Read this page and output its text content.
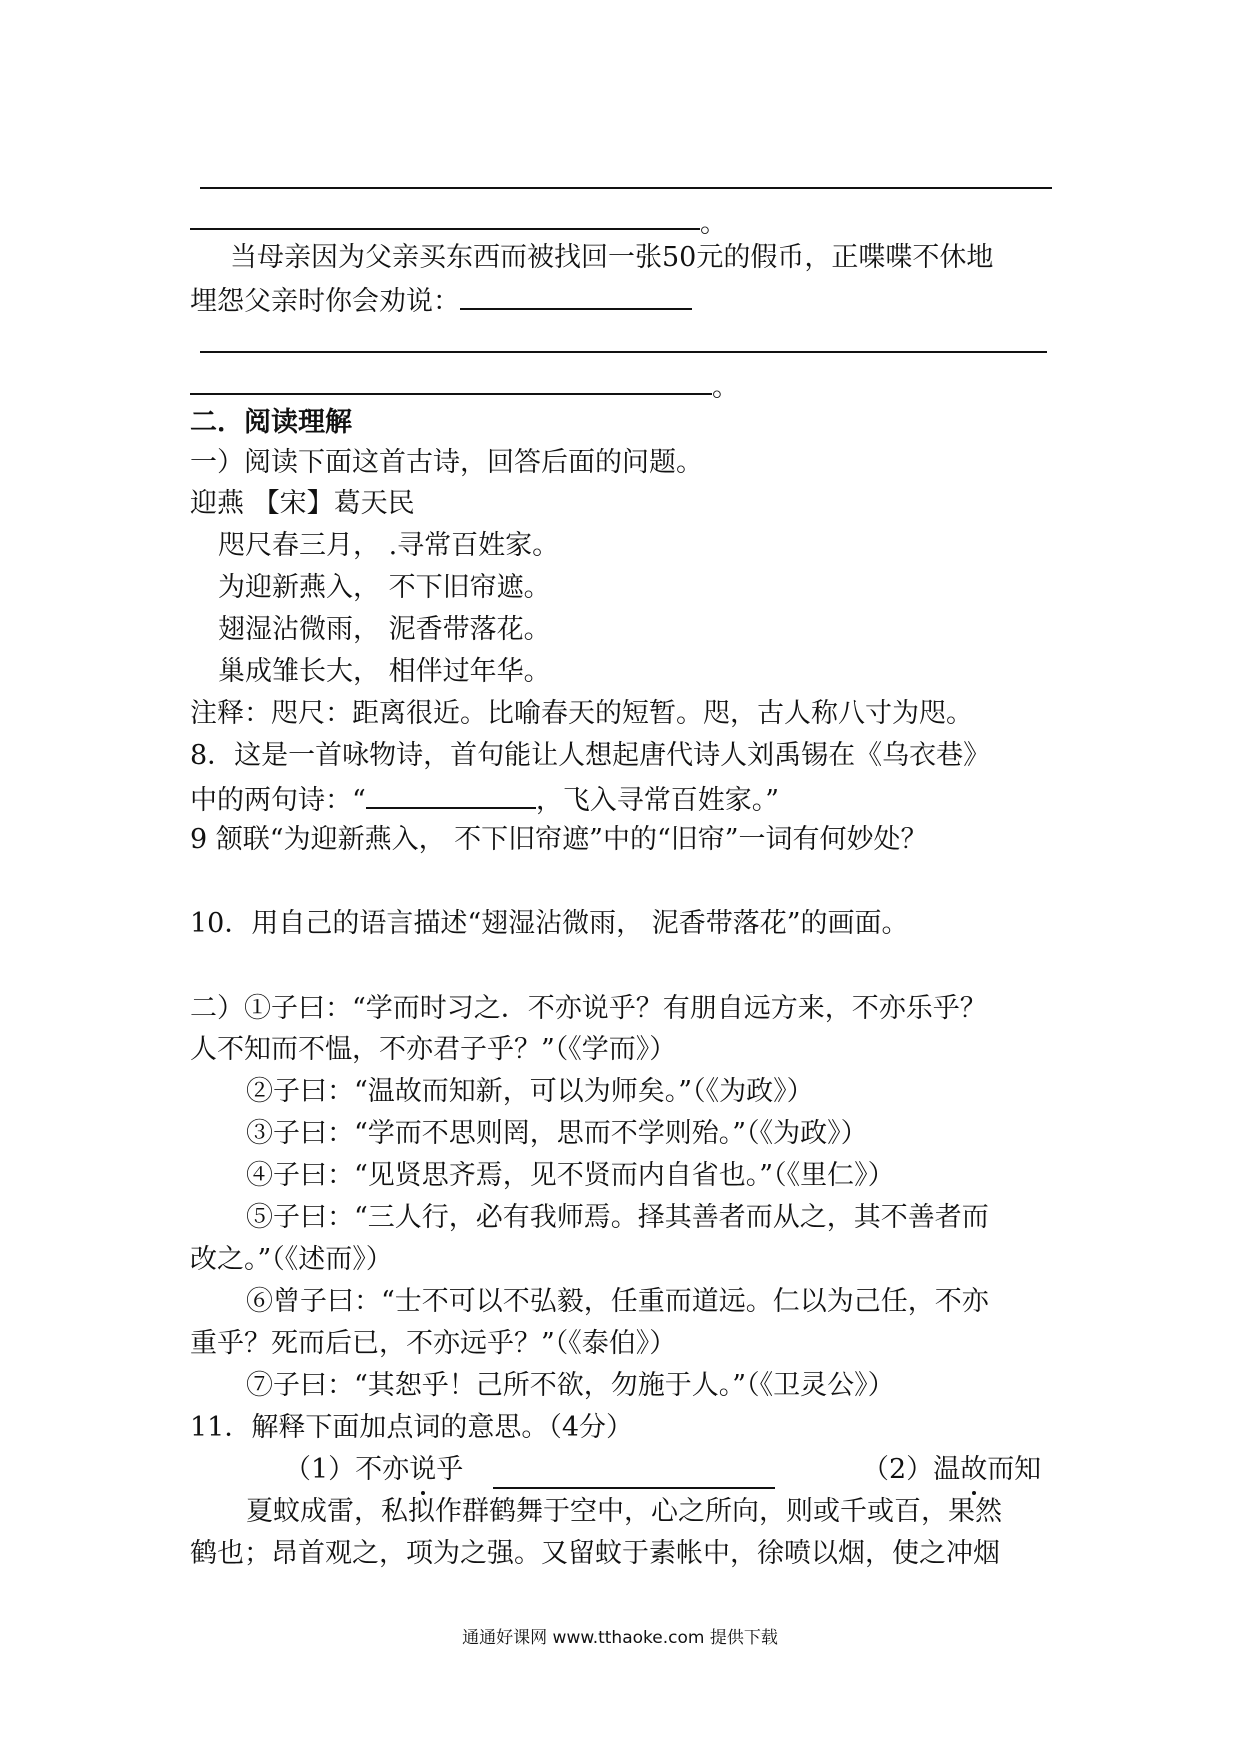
。
当母亲因为父亲买东西而被找回一张50元的假币，正喋喋不休地
埋怨父亲时你会劝说：
。
二．阅读理解
一）阅读下面这首古诗，回答后面的问题。
迎燕 【宋】葛天民
咫尺春三月， .寻常百姓家。
为迎新燕入， 不下旧帘遮。
翅湿沾微雨， 泥香带落花。
巢成雏长大， 相伴过年华。
注释：咫尺：距离很近。比喻春天的短暂。咫，古人称八寸为咫。
8．这是一首咏物诗，首句能让人想起唐代诗人刘禹锡在《乌衣巷》
中的两句诗：“	，飞入寻常百姓家。”
9 颔联“为迎新燕入， 不下旧帘遮”中的“旧帘”一词有何妙处？
10．用自己的语言描述“翅湿沾微雨， 泥香带落花”的画面。
二）①子曰：“学而时习之．不亦说乎？有朋自远方来，不亦乐乎？
人不知而不愠，不亦君子乎？”（《学而》）
②子曰：“温故而知新，可以为师矣。”（《为政》）
③子曰：“学而不思则罔，思而不学则殆。”（《为政》）
④子曰：“见贤思齐焉，见不贤而内自省也。”（《里仁》）
⑤子曰：“三人行，必有我师焉。择其善者而从之，其不善者而
改之。”（《述而》）
⑥曾子曰：“士不可以不弘毅，任重而道远。仁以为己任，不亦
重乎？死而后已，不亦远乎？”（《泰伯》）
⑦子曰：“其恕乎！己所不欲，勿施于人。”（《卫灵公》）
11．解释下面加点词的意思。（4分）
（1）不亦说乎	（2）温故而知
夏蚊成雷，私拟作群鹤舞于空中，心之所向，则或千或百，果然
鹤也；昂首观之，项为之强。又留蚊于素帐中，徐喷以烟，使之冲烟
通通好课网 www.tthaoke.com 提供下载
